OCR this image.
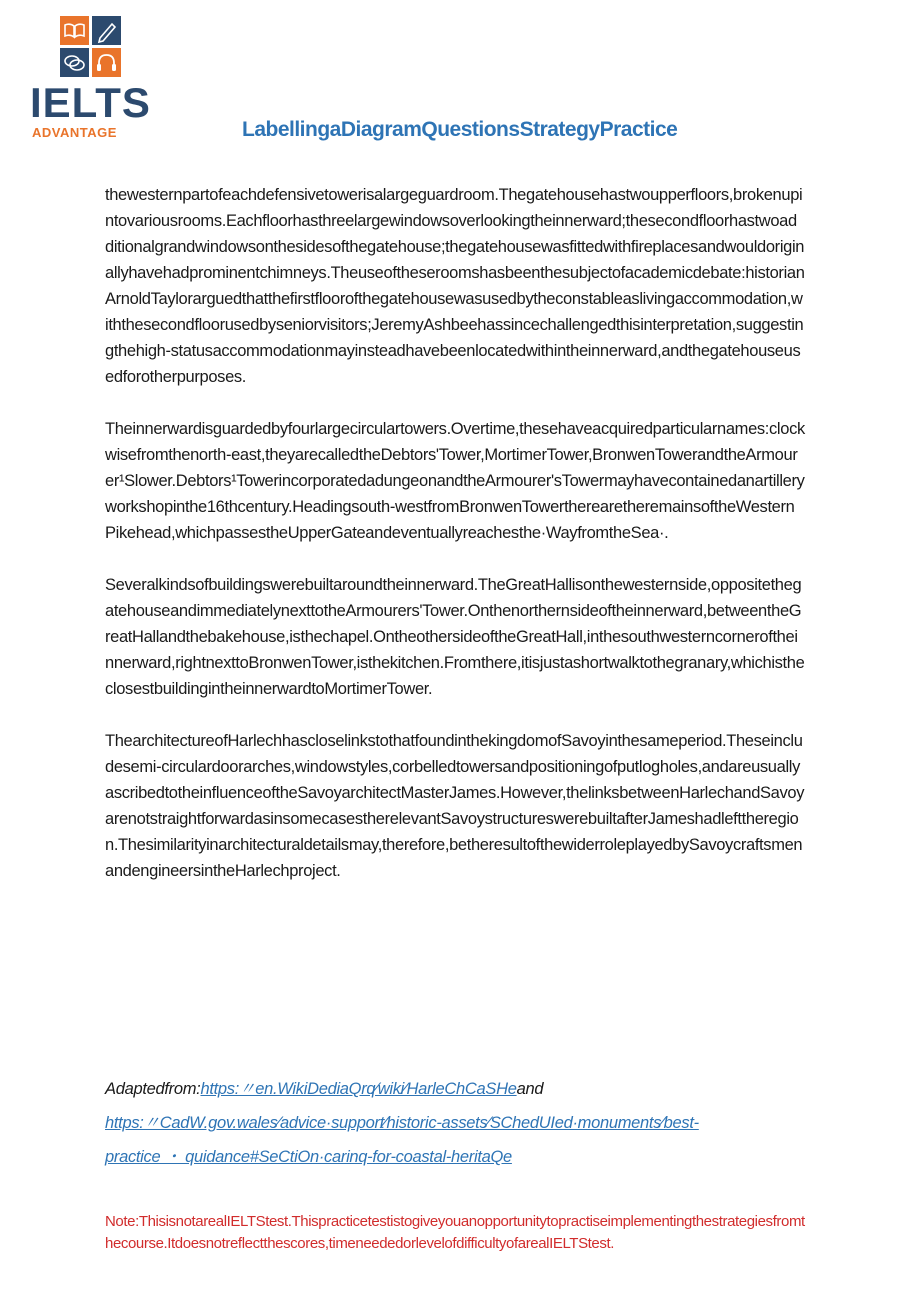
IELTS
ADVANTAGE	LabellingaDiagramQuestionsStrategyPractice

thewesternpartofeachdefensivetowerisalargeguardroom.Thegatehousehastwoupperfloors,brokenupintovariousrooms.Eachfloorhasthreelargewindowsoverlookingtheinnerward;thesecondfloorhastwoadditionalgrandwindowsonthesidesofthegatehouse;thegatehousewasfittedwithfireplacesandwouldoriginallyhavehadprominentchimneys.Theuseoftheseroomshasbeenthesubjectofacademicdebate:historianArnoldTaylorarguedthatthefirstfloorofthegatehousewasusedbytheconstableaslivingaccommodation,withthesecondfloorusedbyseniorvisitors;JeremyAshbeehassincechallengedthisinterpretation,suggestingthehigh-statusaccommodationmayinsteadhavebeenlocatedwithintheinnerward,andthegatehouseusedforotherpurposes.

Theinnerwardisguardedbyfourlargecirculartowers.Overtime,thesehaveacquiredparticularnames:clockwisefromthenorth-east,theyarecalledtheDebtors'Tower,MortimerTower,BronwenTowerandtheArmourer¹Slower.Debtors¹TowerincorporatedadungeonandtheArmourer'sTowermayhavecontainedanartilleryworkshopinthe16thcentury.Headingsouth-westfromBronwenTowertherearetheremainsoftheWesternPikehead,whichpassestheUpperGateandeventuallyreachesthe·WayfromtheSea·.

Severalkindsofbuildingswerebuiltaroundtheinnerward.TheGreatHallisonthewesternside,oppositethegatehouseandimmediatelynexttotheArmourers'Tower.Onthenorthernsideoftheinnerward,betweentheGreatHallandthebakehouse,isthechapel.OntheothersideoftheGreatHall,inthesouthwesterncorneroftheinnerward,rightnexttoBronwenTower,isthekitchen.Fromthere,itisjustashortwalktothegranary,whichistheclosestbuildingintheinnerwardtoMortimerTower.

ThearchitectureofHarlechhascloselinkstothatfoundinthekingdomofSavoyinthesameperiod.Theseincludesemi-circulardoorarches,windowstyles,corbelledtowersandpositioningofputlogholes,andareusuallyascribedtotheinfluenceoftheSavoyarchitectMasterJames.However,thelinksbetweenHarlechandSavoyarenotstraightforwardasinsomecasestherelevantSavoystructureswerebuiltafterJameshadlefttheregion.Thesimilarityinarchitecturaldetailsmay,therefore,betheresultofthewiderroleplayedbySavoycraftsmenandengineersintheHarlechproject.

Adaptedfrom:https:〃en.WikiDediaQrq⁄wiki⁄HarleChCaSHeand
https:〃CadW.gov.wales⁄advice·support⁄historic-assets⁄SChedUIed·monuments⁄best-
practice ・ quidance#SeCtiOn·carinq-for-coastal-heritaQe
Note:ThisisnotarealIELTStest.Thispracticetestistogiveyouanopportunitytopractiseimplementingthestrategiesfromthecourse.Itdoesnotreflectthescores,timeneededorlevelofdifficultyofarealIELTStest.
